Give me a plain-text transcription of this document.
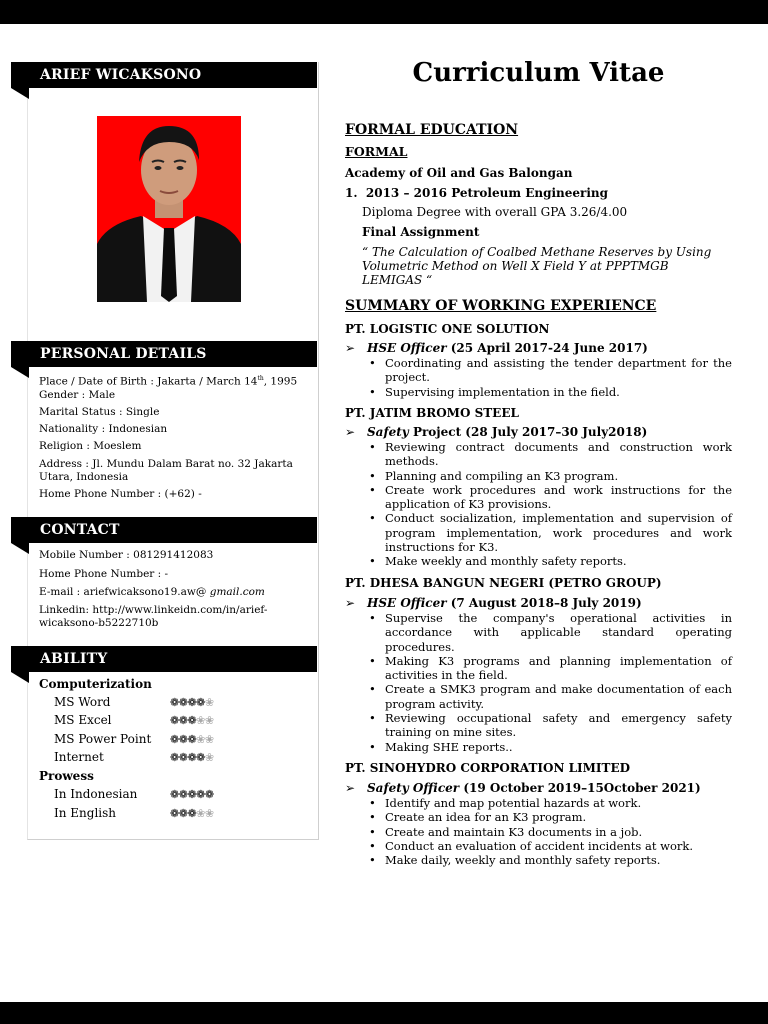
ARIEF WICAKSONO
PERSONAL DETAILS
Place / Date of Birth : Jakarta / March 14th, 1995
Gender : Male
Marital Status : Single
Nationality : Indonesian
Religion : Moeslem
Address : Jl. Mundu Dalam Barat no. 32 Jakarta Utara, Indonesia
Home Phone Number : (+62) -
CONTACT
Mobile Number : 081291412083
Home Phone Number : -
E-mail : ariefwicaksono19.aw@ gmail.com
Linkedin: http://www.linkeidn.com/in/arief-wicaksono-b5222710b
ABILITY
Computerization
MS Word	❁❁❁❁❀
MS Excel	❁❁❁❀❀
MS Power Point ❁❁❁❀❀
Internet	❁❁❁❁❀
Prowess
In Indonesian	❁❁❁❁❁
In English	❁❁❁❀❀
Curriculum Vitae
FORMAL EDUCATION
FORMAL
Academy of Oil and Gas Balongan
1.  2013 – 2016 Petroleum Engineering
Diploma Degree with overall GPA 3.26/4.00
Final Assignment
“ The Calculation of Coalbed Methane Reserves by Using Volumetric Method on Well X Field Y at PPPTMGB LEMIGAS “
SUMMARY OF WORKING EXPERIENCE
PT. LOGISTIC ONE SOLUTION
➢ HSE Officer (25 April 2017-24 June 2017)
• Coordinating and assisting the tender department for the project.
• Supervising implementation in the field.
PT. JATIM BROMO STEEL
➢ Safety Project (28 July 2017–30 July2018)
• Reviewing contract documents and construction work methods.
• Planning and compiling an K3 program.
• Create work procedures and work instructions for the application of K3 provisions.
• Conduct socialization, implementation and supervision of program implementation, work procedures and work instructions for K3.
• Make weekly and monthly safety reports.
PT. DHESA BANGUN NEGERI (PETRO GROUP)
➢ HSE Officer (7 August 2018–8 July 2019)
• Supervise the company's operational activities in accordance with applicable standard operating procedures.
• Making K3 programs and planning implementation of activities in the field.
• Create a SMK3 program and make documentation of each program activity.
• Reviewing occupational safety and emergency safety training on mine sites.
• Making SHE reports..
PT. SINOHYDRO CORPORATION LIMITED
➢ Safety Officer (19 October 2019–15October 2021)
• Identify and map potential hazards at work.
• Create an idea for an K3 program.
• Create and maintain K3 documents in a job.
• Conduct an evaluation of accident incidents at work.
• Make daily, weekly and monthly safety reports.
